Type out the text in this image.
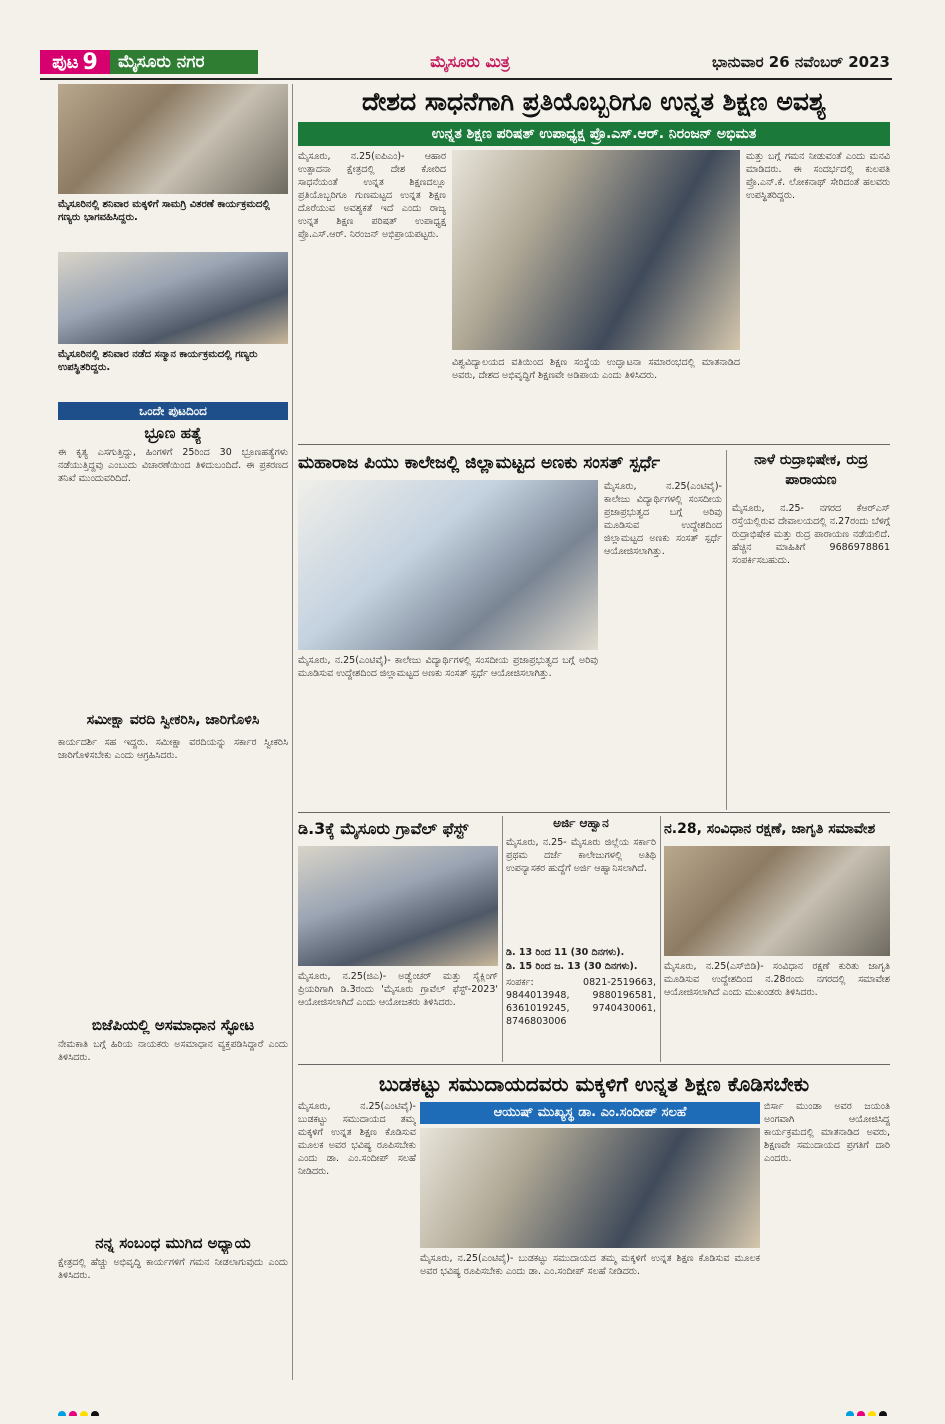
ಪುಟ 9	ಮೈಸೂರು ನಗರ	ಮೈಸೂರು ಮಿತ್ರ	ಭಾನುವಾರ 26 ನವೆಂಬರ್ 2023
ಮೈಸೂರಿನಲ್ಲಿ ಶನಿವಾರ ಮಕ್ಕಳಿಗೆ ಸಾಮಗ್ರಿ ವಿತರಣೆ ಕಾರ್ಯಕ್ರಮದಲ್ಲಿ ಗಣ್ಯರು ಭಾಗವಹಿಸಿದ್ದರು.
ಮೈಸೂರಿನಲ್ಲಿ ಶನಿವಾರ ನಡೆದ ಸನ್ಮಾನ ಕಾರ್ಯಕ್ರಮದಲ್ಲಿ ಗಣ್ಯರು ಉಪಸ್ಥಿತರಿದ್ದರು.
ಒಂದೇ ಪುಟದಿಂದ
ಭ್ರೂಣ ಹತ್ಯೆ
ಈ ಕೃತ್ಯ ಎಸಗುತ್ತಿದ್ದು, ಹಿಂಗಳಿಗೆ 25ರಿಂದ 30 ಭ್ರೂಣಹತ್ಯೆಗಳು ನಡೆಯುತ್ತಿದ್ದವು ಎಂಬುದು ವಿಚಾರಣೆಯಿಂದ ತಿಳಿದುಬಂದಿದೆ. ಈ ಪ್ರಕರಣದ ತನಿಖೆ ಮುಂದುವರಿದಿದೆ.
ಸಮೀಕ್ಷಾ ವರದಿ ಸ್ವೀಕರಿಸಿ, ಜಾರಿಗೊಳಿಸಿ
ಕಾರ್ಯದರ್ಶಿ ಸಹ ಇದ್ದರು. ಸಮೀಕ್ಷಾ ವರದಿಯನ್ನು ಸರ್ಕಾರ ಸ್ವೀಕರಿಸಿ ಜಾರಿಗೊಳಿಸಬೇಕು ಎಂದು ಆಗ್ರಹಿಸಿದರು.
ಬಿಜೆಪಿಯಲ್ಲಿ ಅಸಮಾಧಾನ ಸ್ಫೋಟ
ನೇಮಕಾತಿ ಬಗ್ಗೆ ಹಿರಿಯ ನಾಯಕರು ಅಸಮಾಧಾನ ವ್ಯಕ್ತಪಡಿಸಿದ್ದಾರೆ ಎಂದು ತಿಳಿಸಿದರು.
ನನ್ನ ಸಂಬಂಧ ಮುಗಿದ ಅಧ್ಯಾಯ
ಕ್ಷೇತ್ರದಲ್ಲಿ ಹೆಚ್ಚು ಅಭಿವೃದ್ಧಿ ಕಾರ್ಯಗಳಿಗೆ ಗಮನ ನೀಡಲಾಗುವುದು ಎಂದು ತಿಳಿಸಿದರು.
ದೇಶದ ಸಾಧನೆಗಾಗಿ ಪ್ರತಿಯೊಬ್ಬರಿಗೂ ಉನ್ನತ ಶಿಕ್ಷಣ ಅವಶ್ಯ
ಉನ್ನತ ಶಿಕ್ಷಣ ಪರಿಷತ್ ಉಪಾಧ್ಯಕ್ಷ ಪ್ರೊ.ಎಸ್.ಆರ್. ನಿರಂಜನ್ ಅಭಿಮತ
ಮೈಸೂರು, ನ.25(ಐಪಿಎಂ)- ಆಹಾರ ಉತ್ಪಾದನಾ ಕ್ಷೇತ್ರದಲ್ಲಿ ದೇಶ ಕೋರಿದ ಸಾಧನೆಯಂತೆ ಉನ್ನತ ಶಿಕ್ಷಣದಲ್ಲೂ ಪ್ರತಿಯೊಬ್ಬರಿಗೂ ಗುಣಮಟ್ಟದ ಉನ್ನತ ಶಿಕ್ಷಣ ದೊರೆಯುವ ಅವಶ್ಯಕತೆ ಇದೆ ಎಂದು ರಾಜ್ಯ ಉನ್ನತ ಶಿಕ್ಷಣ ಪರಿಷತ್ ಉಪಾಧ್ಯಕ್ಷ ಪ್ರೊ.ಎಸ್.ಆರ್. ನಿರಂಜನ್ ಅಭಿಪ್ರಾಯಪಟ್ಟರು.
ವಿಶ್ವವಿದ್ಯಾಲಯದ ವತಿಯಿಂದ ಶಿಕ್ಷಣ ಸಂಸ್ಥೆಯ ಉದ್ಘಾಟನಾ ಸಮಾರಂಭದಲ್ಲಿ ಮಾತನಾಡಿದ ಅವರು, ದೇಶದ ಅಭಿವೃದ್ಧಿಗೆ ಶಿಕ್ಷಣವೇ ಅಡಿಪಾಯ ಎಂದು ತಿಳಿಸಿದರು.
ಮತ್ತು ಬಗ್ಗೆ ಗಮನ ನೀಡುವಂತೆ ಎಂದು ಮನವಿ ಮಾಡಿದರು. ಈ ಸಂದರ್ಭದಲ್ಲಿ ಕುಲಪತಿ ಪ್ರೊ.ಎನ್.ಕೆ. ಲೋಕನಾಥ್ ಸೇರಿದಂತೆ ಹಲವರು ಉಪಸ್ಥಿತರಿದ್ದರು.
ಮಹಾರಾಜ ಪಿಯು ಕಾಲೇಜಲ್ಲಿ ಜಿಲ್ಲಾಮಟ್ಟದ ಅಣಕು ಸಂಸತ್ ಸ್ಪರ್ಧೆ
ಮೈಸೂರು, ನ.25(ಎಂಟಿವೈ)- ಕಾಲೇಜು ವಿದ್ಯಾರ್ಥಿಗಳಲ್ಲಿ ಸಂಸದೀಯ ಪ್ರಜಾಪ್ರಭುತ್ವದ ಬಗ್ಗೆ ಅರಿವು ಮೂಡಿಸುವ ಉದ್ದೇಶದಿಂದ ಜಿಲ್ಲಾಮಟ್ಟದ ಅಣಕು ಸಂಸತ್ ಸ್ಪರ್ಧೆ ಆಯೋಜಿಸಲಾಗಿತ್ತು.
ಮೈಸೂರು, ನ.25(ಎಂಟಿವೈ)- ಕಾಲೇಜು ವಿದ್ಯಾರ್ಥಿಗಳಲ್ಲಿ ಸಂಸದೀಯ ಪ್ರಜಾಪ್ರಭುತ್ವದ ಬಗ್ಗೆ ಅರಿವು ಮೂಡಿಸುವ ಉದ್ದೇಶದಿಂದ ಜಿಲ್ಲಾಮಟ್ಟದ ಅಣಕು ಸಂಸತ್ ಸ್ಪರ್ಧೆ ಆಯೋಜಿಸಲಾಗಿತ್ತು.
ನಾಳೆ ರುದ್ರಾಭಿಷೇಕ, ರುದ್ರ ಪಾರಾಯಣ
ಮೈಸೂರು, ನ.25- ನಗರದ ಕೆಆರ್‌ಎಸ್ ರಸ್ತೆಯಲ್ಲಿರುವ ದೇವಾಲಯದಲ್ಲಿ ನ.27ರಂದು ಬೆಳಿಗ್ಗೆ ರುದ್ರಾಭಿಷೇಕ ಮತ್ತು ರುದ್ರ ಪಾರಾಯಣ ನಡೆಯಲಿದೆ. ಹೆಚ್ಚಿನ ಮಾಹಿತಿಗೆ 9686978861 ಸಂಪರ್ಕಿಸಬಹುದು.
ಡಿ.3ಕ್ಕೆ ಮೈಸೂರು ಗ್ರಾವೆಲ್ ಫೆಸ್ಟ್
ಮೈಸೂರು, ನ.25(ಜಿಎ)- ಅಡ್ವೆಂಚರ್ ಮತ್ತು ಸೈಕ್ಲಿಂಗ್ ಪ್ರಿಯರಿಗಾಗಿ ಡಿ.3ರಂದು 'ಮೈಸೂರು ಗ್ರಾವೆಲ್ ಫೆಸ್ಟ್-2023' ಆಯೋಜಿಸಲಾಗಿದೆ ಎಂದು ಆಯೋಜಕರು ತಿಳಿಸಿದರು.
ಅರ್ಜಿ ಆಹ್ವಾನ
ಮೈಸೂರು, ನ.25- ಮೈಸೂರು ಜಿಲ್ಲೆಯ ಸರ್ಕಾರಿ ಪ್ರಥಮ ದರ್ಜೆ ಕಾಲೇಜುಗಳಲ್ಲಿ ಅತಿಥಿ ಉಪನ್ಯಾಸಕರ ಹುದ್ದೆಗೆ ಅರ್ಜಿ ಆಹ್ವಾನಿಸಲಾಗಿದೆ.
ಡಿ. 13 ರಿಂದ 11 (30 ದಿನಗಳು).
ಡಿ. 15 ರಿಂದ ಜ. 13 (30 ದಿನಗಳು).
ಸಂಪರ್ಕ: 0821-2519663, 9844013948, 9880196581, 6361019245, 9740430061, 8746803006
ನ.28, ಸಂವಿಧಾನ ರಕ್ಷಣೆ, ಜಾಗೃತಿ ಸಮಾವೇಶ
ಮೈಸೂರು, ನ.25(ಎಸ್‌ಬಿಡಿ)- ಸಂವಿಧಾನ ರಕ್ಷಣೆ ಕುರಿತು ಜಾಗೃತಿ ಮೂಡಿಸುವ ಉದ್ದೇಶದಿಂದ ನ.28ರಂದು ನಗರದಲ್ಲಿ ಸಮಾವೇಶ ಆಯೋಜಿಸಲಾಗಿದೆ ಎಂದು ಮುಖಂಡರು ತಿಳಿಸಿದರು.
ಬುಡಕಟ್ಟು ಸಮುದಾಯದವರು ಮಕ್ಕಳಿಗೆ ಉನ್ನತ ಶಿಕ್ಷಣ ಕೊಡಿಸಬೇಕು
ಆಯುಷ್ ಮುಖ್ಯಸ್ಥ ಡಾ. ಎಂ.ಸಂದೀಪ್ ಸಲಹೆ
ಮೈಸೂರು, ನ.25(ಎಂಟಿವೈ)- ಬುಡಕಟ್ಟು ಸಮುದಾಯದ ತಮ್ಮ ಮಕ್ಕಳಿಗೆ ಉನ್ನತ ಶಿಕ್ಷಣ ಕೊಡಿಸುವ ಮೂಲಕ ಅವರ ಭವಿಷ್ಯ ರೂಪಿಸಬೇಕು ಎಂದು ಡಾ. ಎಂ.ಸಂದೀಪ್ ಸಲಹೆ ನೀಡಿದರು.
ಮೈಸೂರು, ನ.25(ಎಂಟಿವೈ)- ಬುಡಕಟ್ಟು ಸಮುದಾಯದ ತಮ್ಮ ಮಕ್ಕಳಿಗೆ ಉನ್ನತ ಶಿಕ್ಷಣ ಕೊಡಿಸುವ ಮೂಲಕ ಅವರ ಭವಿಷ್ಯ ರೂಪಿಸಬೇಕು ಎಂದು ಡಾ. ಎಂ.ಸಂದೀಪ್ ಸಲಹೆ ನೀಡಿದರು.
ಬಿರ್ಸಾ ಮುಂಡಾ ಅವರ ಜಯಂತಿ ಅಂಗವಾಗಿ ಆಯೋಜಿಸಿದ್ದ ಕಾರ್ಯಕ್ರಮದಲ್ಲಿ ಮಾತನಾಡಿದ ಅವರು, ಶಿಕ್ಷಣವೇ ಸಮುದಾಯದ ಪ್ರಗತಿಗೆ ದಾರಿ ಎಂದರು.
